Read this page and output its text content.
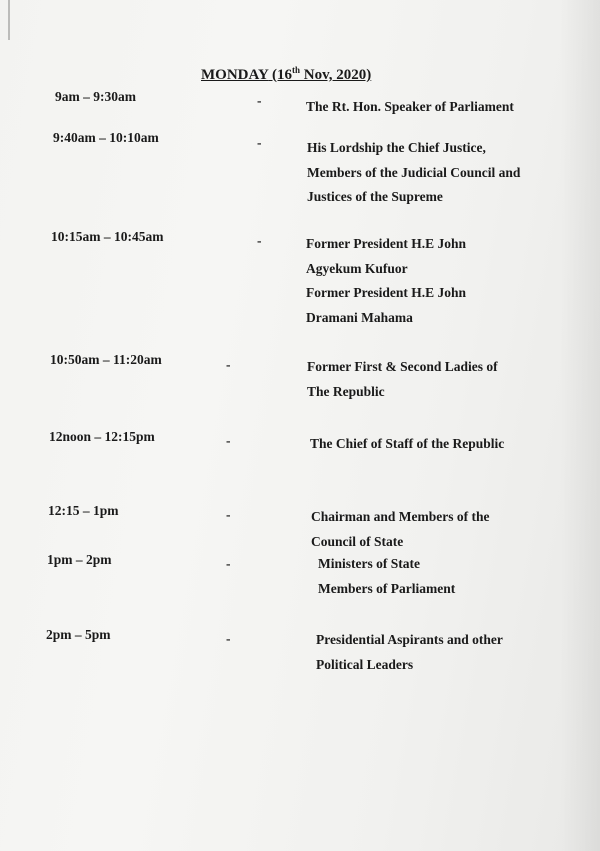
MONDAY (16th Nov, 2020)
9am – 9:30am	-	The Rt. Hon. Speaker of Parliament
9:40am – 10:10am	-	His Lordship the Chief Justice,
Members of the Judicial Council and
Justices of the Supreme
10:15am – 10:45am	-	Former President H.E John
Agyekum Kufuor
Former President H.E John
Dramani Mahama
10:50am – 11:20am	-	Former First & Second Ladies of
The Republic
12noon – 12:15pm	-	The Chief of Staff of the Republic
12:15 – 1pm	-	Chairman and Members of the
Council of State
1pm – 2pm	-	Ministers of State
Members of Parliament
2pm – 5pm	-	Presidential Aspirants and other
Political Leaders
